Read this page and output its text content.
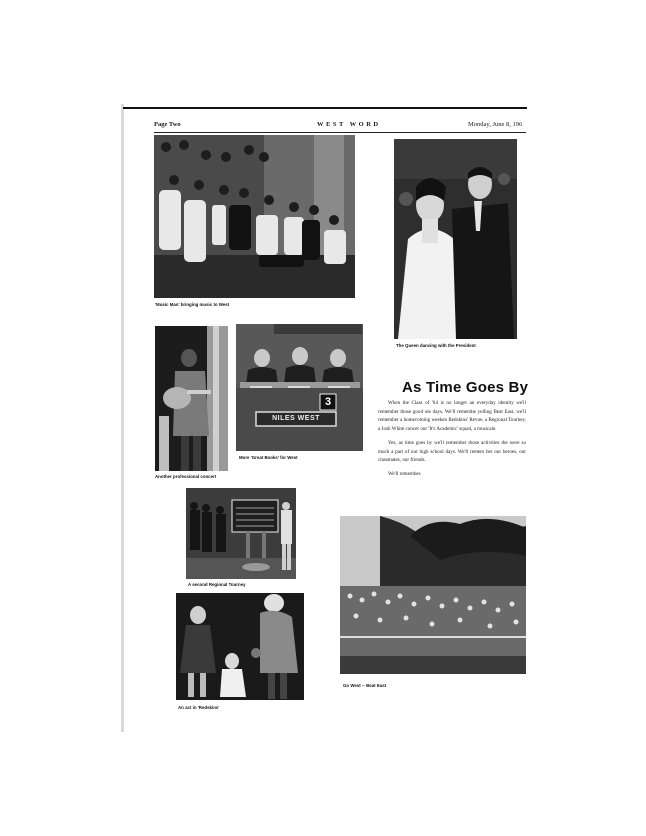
Page Two	WEST WORD	Monday, June 8, 196
'Music Man' bringing music to West
The Queen dancing with the President
Another professional concert
3
NILES WEST
More 'Great Books' for West
As Time Goes By

When the Class of '64 is no longer an everyday identity we'll remember those good ole days. We'll remembe yelling Beat East, we'll remember a homecoming weeken Redskins' Revue, a Regional Tourney, a Josh White concer our 'It's Academic' squad, a musicale.

Yes, as time goes by we'll remember those activities the were so much a part of our high school days. We'll remem ber our heroes, our classmates, our friends.

We'll remember.

A second Regional Tourney
Go West -- Beat East
An act in 'Redskins'
